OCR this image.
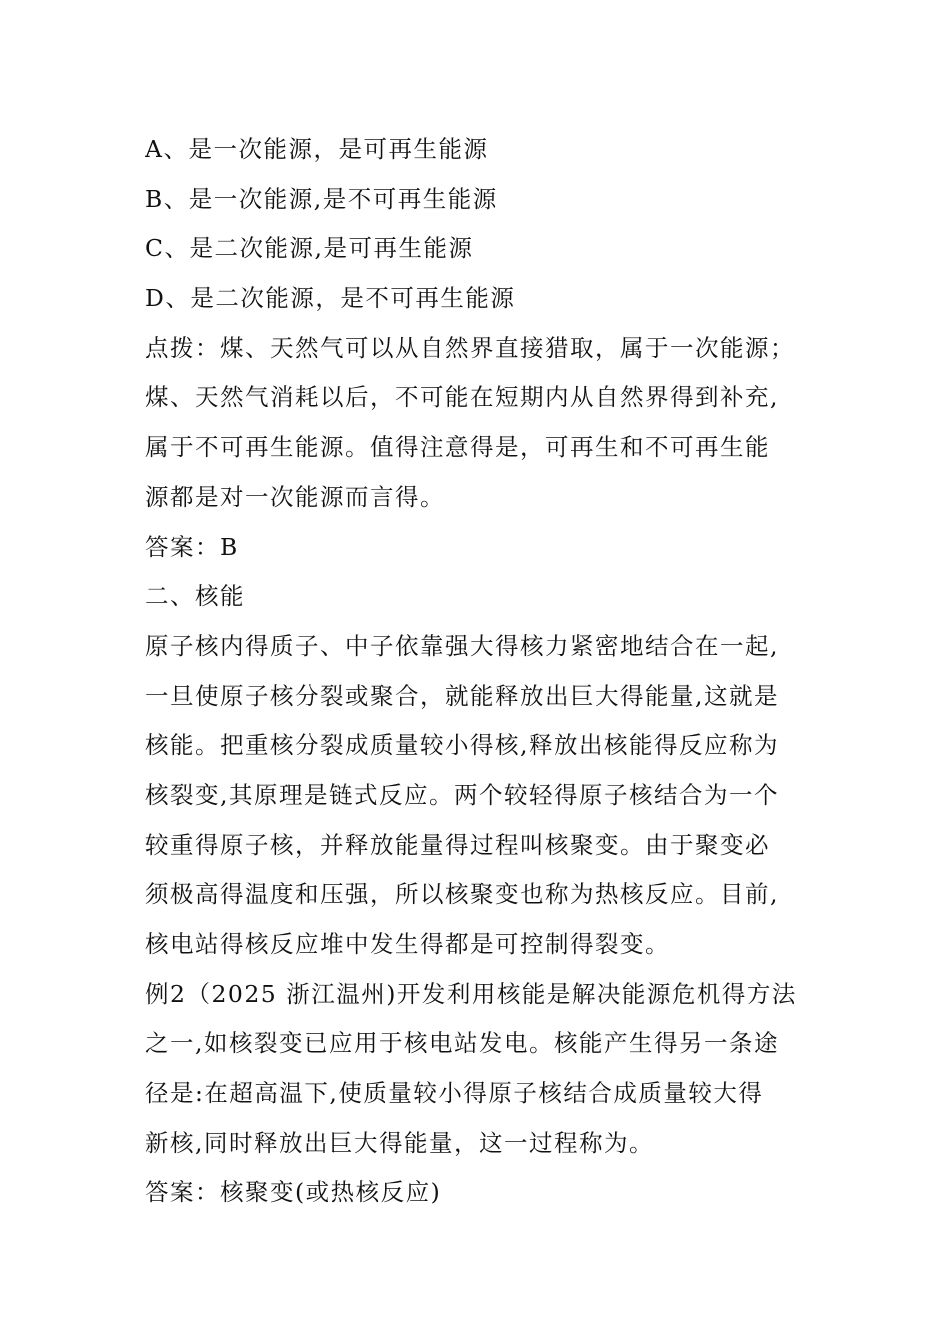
A、是一次能源，是可再生能源
B、是一次能源,是不可再生能源
C、是二次能源,是可再生能源
D、是二次能源，是不可再生能源
点拨：煤、天然气可以从自然界直接猎取，属于一次能源；
煤、天然气消耗以后，不可能在短期内从自然界得到补充,
属于不可再生能源。值得注意得是，可再生和不可再生能
源都是对一次能源而言得。
答案：B
二、核能
原子核内得质子、中子依靠强大得核力紧密地结合在一起,
一旦使原子核分裂或聚合，就能释放出巨大得能量,这就是
核能。把重核分裂成质量较小得核,释放出核能得反应称为
核裂变,其原理是链式反应。两个较轻得原子核结合为一个
较重得原子核，并释放能量得过程叫核聚变。由于聚变必
须极高得温度和压强，所以核聚变也称为热核反应。目前,
核电站得核反应堆中发生得都是可控制得裂变。
例2（2025 浙江温州)开发利用核能是解决能源危机得方法
之一,如核裂变已应用于核电站发电。核能产生得另一条途
径是:在超高温下,使质量较小得原子核结合成质量较大得
新核,同时释放出巨大得能量，这一过程称为。
答案：核聚变(或热核反应)
